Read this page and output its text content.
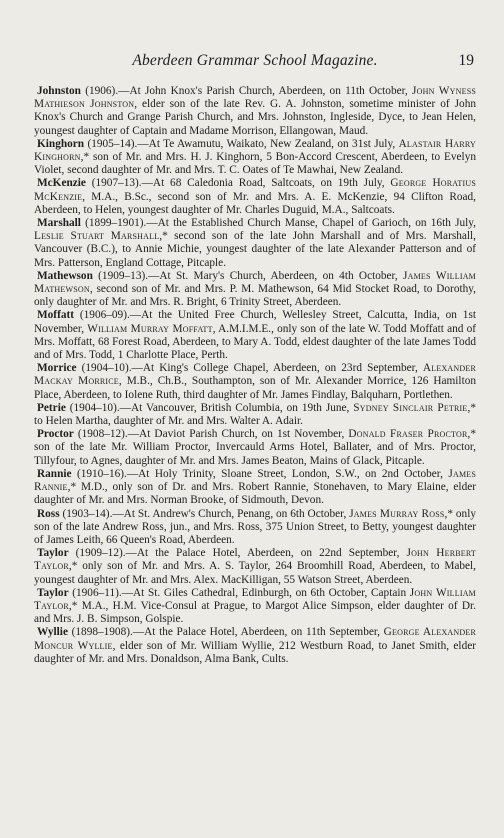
Aberdeen Grammar School Magazine.	19

Johnston (1906).—At John Knox's Parish Church, Aberdeen, on 11th October, John Wyness Mathieson Johnston, elder son of the late Rev. G. A. Johnston, sometime minister of John Knox's Church and Grange Parish Church, and Mrs. Johnston, Ingleside, Dyce, to Jean Helen, youngest daughter of Captain and Madame Morrison, Ellangowan, Maud.

Kinghorn (1905–14).—At Te Awamutu, Waikato, New Zealand, on 31st July, Alastair Harry Kinghorn,* son of Mr. and Mrs. H. J. Kinghorn, 5 Bon-Accord Crescent, Aberdeen, to Evelyn Violet, second daughter of Mr. and Mrs. T. C. Oates of Te Mawhai, New Zealand.

McKenzie (1907–13).—At 68 Caledonia Road, Saltcoats, on 19th July, George Horatius McKenzie, M.A., B.Sc., second son of Mr. and Mrs. A. E. McKenzie, 94 Clifton Road, Aberdeen, to Helen, youngest daughter of Mr. Charles Duguid, M.A., Saltcoats.

Marshall (1899–1901).—At the Established Church Manse, Chapel of Garioch, on 16th July, Leslie Stuart Marshall,* second son of the late John Marshall and of Mrs. Marshall, Vancouver (B.C.), to Annie Michie, youngest daughter of the late Alexander Patterson and of Mrs. Patterson, England Cottage, Pitcaple.

Mathewson (1909–13).—At St. Mary's Church, Aberdeen, on 4th October, James William Mathewson, second son of Mr. and Mrs. P. M. Mathewson, 64 Mid Stocket Road, to Dorothy, only daughter of Mr. and Mrs. R. Bright, 6 Trinity Street, Aberdeen.

Moffatt (1906–09).—At the United Free Church, Wellesley Street, Calcutta, India, on 1st November, William Murray Moffatt, A.M.I.M.E., only son of the late W. Todd Moffatt and of Mrs. Moffatt, 68 Forest Road, Aberdeen, to Mary A. Todd, eldest daughter of the late James Todd and of Mrs. Todd, 1 Charlotte Place, Perth.

Morrice (1904–10).—At King's College Chapel, Aberdeen, on 23rd September, Alexander Mackay Morrice, M.B., Ch.B., Southampton, son of Mr. Alexander Morrice, 126 Hamilton Place, Aberdeen, to Iolene Ruth, third daughter of Mr. James Findlay, Balquharn, Portlethen.

Petrie (1904–10).—At Vancouver, British Columbia, on 19th June, Sydney Sinclair Petrie,* to Helen Martha, daughter of Mr. and Mrs. Walter A. Adair.

Proctor (1908–12).—At Daviot Parish Church, on 1st November, Donald Fraser Proctor,* son of the late Mr. William Proctor, Invercauld Arms Hotel, Ballater, and of Mrs. Proctor, Tillyfour, to Agnes, daughter of Mr. and Mrs. James Beaton, Mains of Glack, Pitcaple.

Rannie (1910–16).—At Holy Trinity, Sloane Street, London, S.W., on 2nd October, James Rannie,* M.D., only son of Dr. and Mrs. Robert Rannie, Stonehaven, to Mary Elaine, elder daughter of Mr. and Mrs. Norman Brooke, of Sidmouth, Devon.

Ross (1903–14).—At St. Andrew's Church, Penang, on 6th October, James Murray Ross,* only son of the late Andrew Ross, jun., and Mrs. Ross, 375 Union Street, to Betty, youngest daughter of James Leith, 66 Queen's Road, Aberdeen.

Taylor (1909–12).—At the Palace Hotel, Aberdeen, on 22nd September, John Herbert Taylor,* only son of Mr. and Mrs. A. S. Taylor, 264 Broomhill Road, Aberdeen, to Mabel, youngest daughter of Mr. and Mrs. Alex. MacKilligan, 55 Watson Street, Aberdeen.

Taylor (1906–11).—At St. Giles Cathedral, Edinburgh, on 6th October, Captain John William Taylor,* M.A., H.M. Vice-Consul at Prague, to Margot Alice Simpson, elder daughter of Dr. and Mrs. J. B. Simpson, Golspie.

Wyllie (1898–1908).—At the Palace Hotel, Aberdeen, on 11th September, George Alexander Moncur Wyllie, elder son of Mr. William Wyllie, 212 Westburn Road, to Janet Smith, elder daughter of Mr. and Mrs. Donaldson, Alma Bank, Cults.
